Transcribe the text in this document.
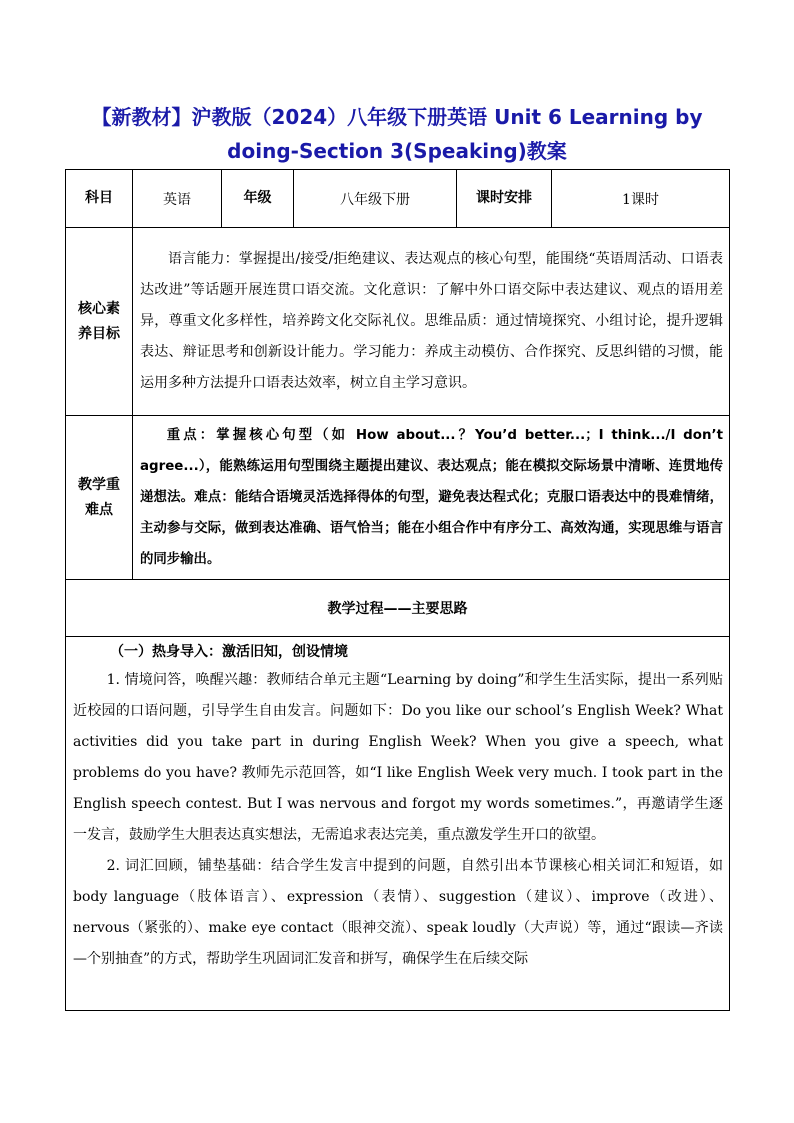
【新教材】沪教版（2024）八年级下册英语 Unit 6 Learning by doing-Section 3(Speaking)教案
科目	英语	年级	八年级下册	课时安排	1课时

核心素养目标	语言能力：掌握提出/接受/拒绝建议、表达观点的核心句型，能围绕“英语周活动、口语表达改进”等话题开展连贯口语交流。文化意识：了解中外口语交际中表达建议、观点的语用差异，尊重文化多样性，培养跨文化交际礼仪。思维品质：通过情境探究、小组讨论，提升逻辑表达、辩证思考和创新设计能力。学习能力：养成主动模仿、合作探究、反思纠错的习惯，能运用多种方法提升口语表达效率，树立自主学习意识。				

教学重难点	重点：掌握核心句型（如 How about...？You’d better...；I think.../I don’t agree...），能熟练运用句型围绕主题提出建议、表达观点；能在模拟交际场景中清晰、连贯地传递想法。难点：能结合语境灵活选择得体的句型，避免表达程式化；克服口语表达中的畏难情绪，主动参与交际，做到表达准确、语气恰当；能在小组合作中有序分工、高效沟通，实现思维与语言的同步输出。				

教学过程——主要思路					

（一）热身导入：激活旧知，创设情境

1. 情境问答，唤醒兴趣：教师结合单元主题“Learning by doing”和学生生活实际，提出一系列贴近校园的口语问题，引导学生自由发言。问题如下：Do you like our school’s English Week? What activities did you take part in during English Week? When you give a speech, what problems do you have? 教师先示范回答，如“I like English Week very much. I took part in the English speech contest. But I was nervous and forgot my words sometimes.”，再邀请学生逐一发言，鼓励学生大胆表达真实想法，无需追求表达完美，重点激发学生开口的欲望。

2. 词汇回顾，铺垫基础：结合学生发言中提到的问题，自然引出本节课核心相关词汇和短语，如 body language（肢体语言）、expression（表情）、suggestion（建议）、improve（改进）、nervous（紧张的）、make eye contact（眼神交流）、speak loudly（大声说）等，通过“跟读—齐读—个别抽查”的方式，帮助学生巩固词汇发音和拼写，确保学生在后续交际					
